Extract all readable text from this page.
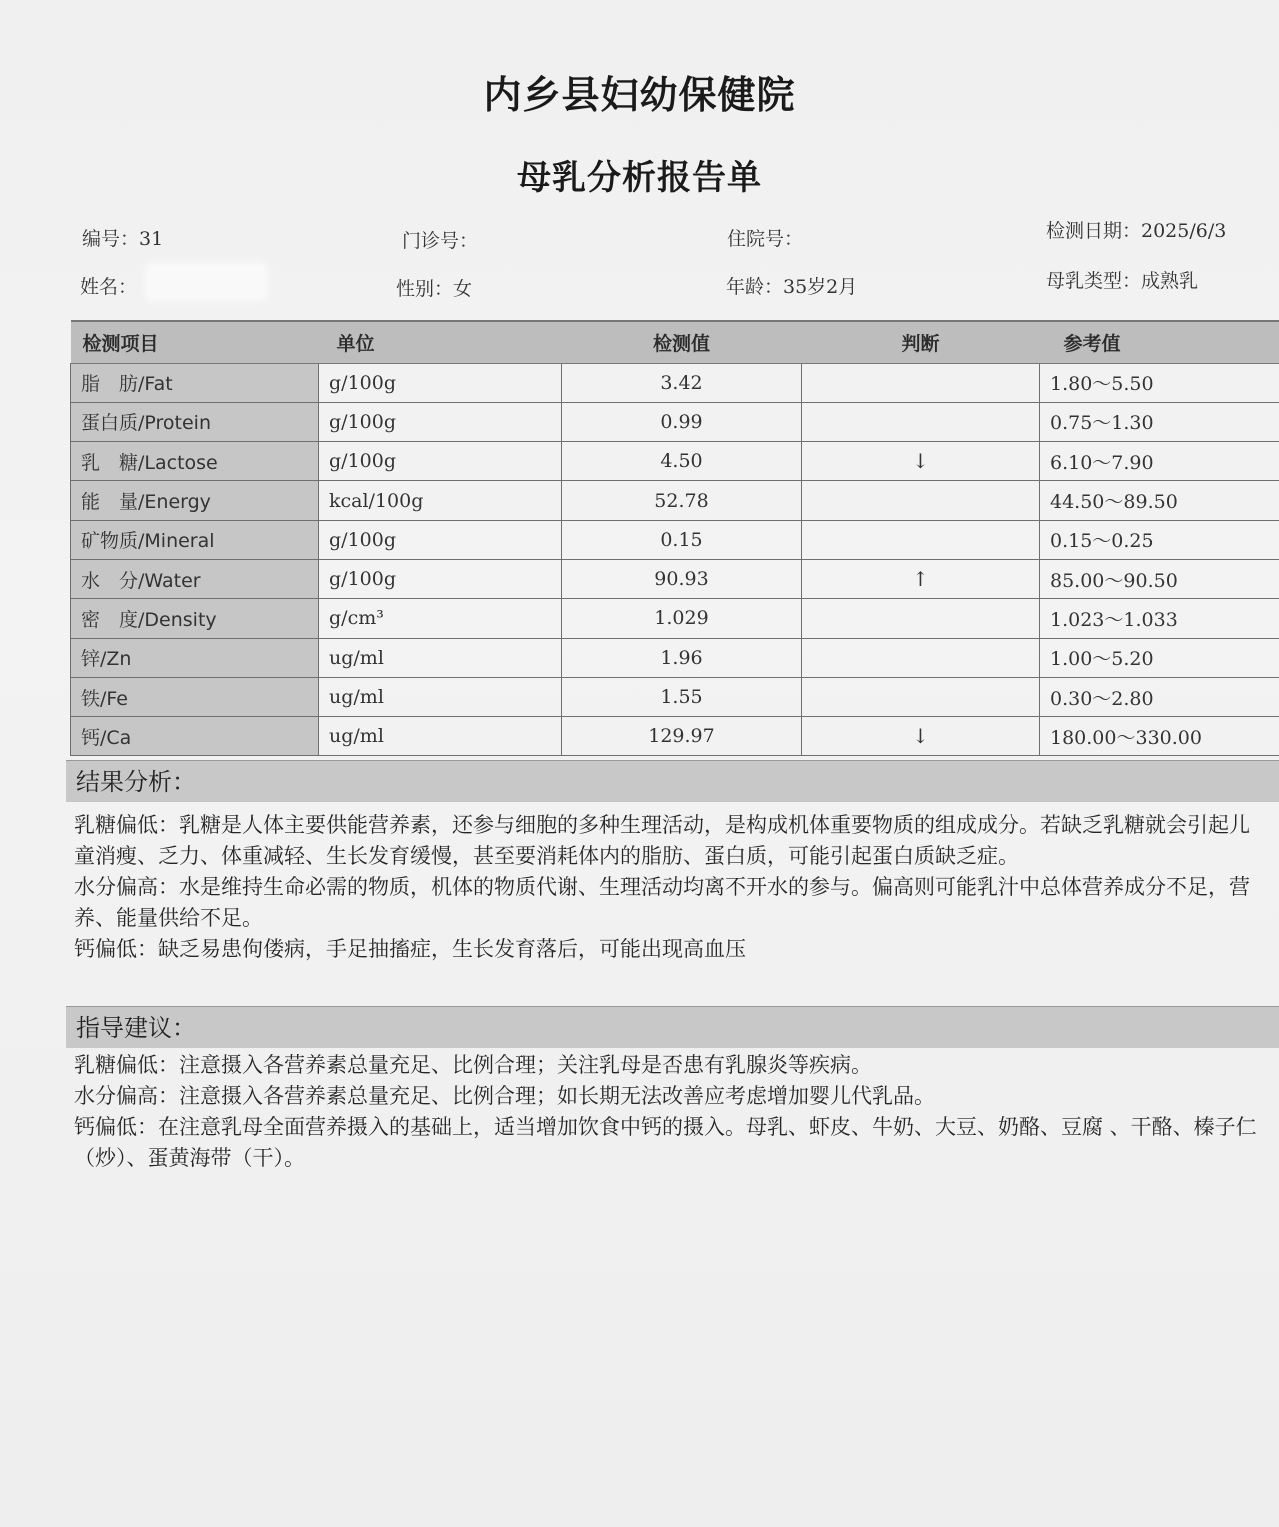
内乡县妇幼保健院
母乳分析报告单
编号：31	门诊号：	住院号：	检测日期：2025/6/3
姓名：	性别：女	年龄：35岁2月	母乳类型：成熟乳
检测项目	单位	检测值	判断	参考值
脂　肪/Fat	g/100g	3.42		1.80～5.50
蛋白质/Protein	g/100g	0.99		0.75～1.30
乳　糖/Lactose	g/100g	4.50	↓	6.10～7.90
能　量/Energy	kcal/100g	52.78		44.50～89.50
矿物质/Mineral	g/100g	0.15		0.15～0.25
水　分/Water	g/100g	90.93	↑	85.00～90.50
密　度/Density	g/cm³	1.029		1.023～1.033
锌/Zn	ug/ml	1.96		1.00～5.20
铁/Fe	ug/ml	1.55		0.30～2.80
钙/Ca	ug/ml	129.97	↓	180.00～330.00
结果分析：

乳糖偏低：乳糖是人体主要供能营养素，还参与细胞的多种生理活动，是构成机体重要物质的组成成分。若缺乏乳糖就会引起儿童消瘦、乏力、体重减轻、生长发育缓慢，甚至要消耗体内的脂肪、蛋白质，可能引起蛋白质缺乏症。

水分偏高：水是维持生命必需的物质，机体的物质代谢、生理活动均离不开水的参与。偏高则可能乳汁中总体营养成分不足，营养、能量供给不足。

钙偏低：缺乏易患佝偻病，手足抽搐症，生长发育落后，可能出现高血压

指导建议：

乳糖偏低：注意摄入各营养素总量充足、比例合理；关注乳母是否患有乳腺炎等疾病。

水分偏高：注意摄入各营养素总量充足、比例合理；如长期无法改善应考虑增加婴儿代乳品。

钙偏低：在注意乳母全面营养摄入的基础上，适当增加饮食中钙的摄入。母乳、虾皮、牛奶、大豆、奶酪、豆腐 、干酪、榛子仁（炒）、蛋黄海带（干）。
